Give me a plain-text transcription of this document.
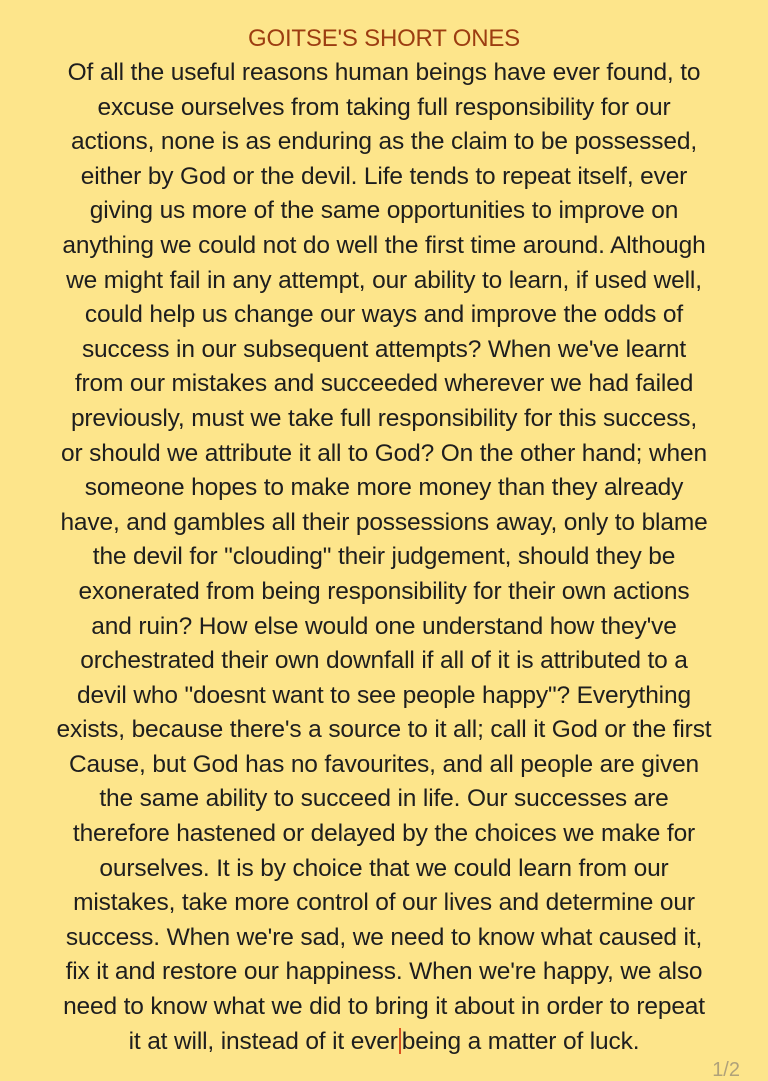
GOITSE'S SHORT ONES

Of all the useful reasons human beings have ever found, to
excuse ourselves from taking full responsibility for our
actions, none is as enduring as the claim to be possessed,
either by God or the devil. Life tends to repeat itself, ever
giving us more of the same opportunities to improve on
anything we could not do well the first time around. Although
we might fail in any attempt, our ability to learn, if used well,
could help us change our ways and improve the odds of
success in our subsequent attempts? When we've learnt
from our mistakes and succeeded wherever we had failed
previously, must we take full responsibility for this success,
or should we attribute it all to God? On the other hand; when
someone hopes to make more money than they already
have, and gambles all their possessions away, only to blame
the devil for "clouding" their judgement, should they be
exonerated from being responsibility for their own actions
and ruin? How else would one understand how they've
orchestrated their own downfall if all of it is attributed to a
devil who "doesnt want to see people happy"? Everything
exists, because there's a source to it all; call it God or the first
Cause, but God has no favourites, and all people are given
the same ability to succeed in life. Our successes are
therefore hastened or delayed by the choices we make for
ourselves. It is by choice that we could learn from our
mistakes, take more control of our lives and determine our
success. When we're sad, we need to know what caused it,
fix it and restore our happiness. When we're happy, we also
need to know what we did to bring it about in order to repeat
it at will, instead of it ever being a matter of luck.

1/2
